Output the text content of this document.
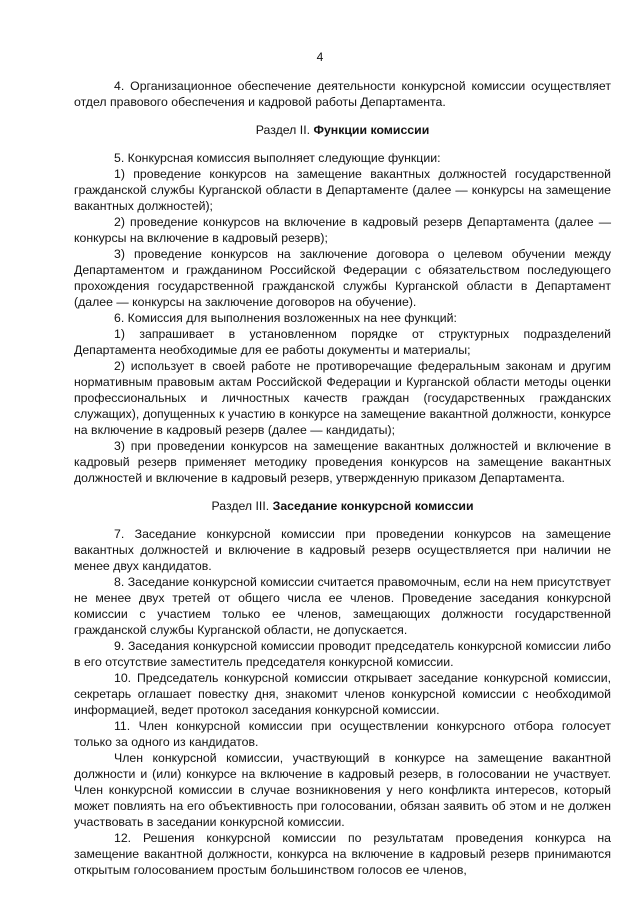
4

4. Организационное обеспечение деятельности конкурсной комиссии осуществляет отдел правового обеспечения и кадровой работы Департамента.

Раздел II. Функции комиссии

5. Конкурсная комиссия выполняет следующие функции:

1) проведение конкурсов на замещение вакантных должностей государственной гражданской службы Курганской области в Департаменте (далее — конкурсы на замещение вакантных должностей);

2) проведение конкурсов на включение в кадровый резерв Департамента (далее — конкурсы на включение в кадровый резерв);

3) проведение конкурсов на заключение договора о целевом обучении между Департаментом и гражданином Российской Федерации с обязательством последующего прохождения государственной гражданской службы Курганской области в Департамент (далее — конкурсы на заключение договоров на обучение).

6. Комиссия для выполнения возложенных на нее функций:

1) запрашивает в установленном порядке от структурных подразделений Департамента необходимые для ее работы документы и материалы;

2) использует в своей работе не противоречащие федеральным законам и другим нормативным правовым актам Российской Федерации и Курганской области методы оценки профессиональных и личностных качеств граждан (государственных гражданских служащих), допущенных к участию в конкурсе на замещение вакантной должности, конкурсе на включение в кадровый резерв (далее — кандидаты);

3) при проведении конкурсов на замещение вакантных должностей и включение в кадровый резерв применяет методику проведения конкурсов на замещение вакантных должностей и включение в кадровый резерв, утвержденную приказом Департамента.

Раздел III. Заседание конкурсной комиссии

7. Заседание конкурсной комиссии при проведении конкурсов на замещение вакантных должностей и включение в кадровый резерв осуществляется при наличии не менее двух кандидатов.

8. Заседание конкурсной комиссии считается правомочным, если на нем присутствует не менее двух третей от общего числа ее членов. Проведение заседания конкурсной комиссии с участием только ее членов, замещающих должности государственной гражданской службы Курганской области, не допускается.

9. Заседания конкурсной комиссии проводит председатель конкурсной комиссии либо в его отсутствие заместитель председателя конкурсной комиссии.

10. Председатель конкурсной комиссии открывает заседание конкурсной комиссии, секретарь оглашает повестку дня, знакомит членов конкурсной комиссии с необходимой информацией, ведет протокол заседания конкурсной комиссии.

11. Член конкурсной комиссии при осуществлении конкурсного отбора голосует только за одного из кандидатов.

Член конкурсной комиссии, участвующий в конкурсе на замещение вакантной должности и (или) конкурсе на включение в кадровый резерв, в голосовании не участвует. Член конкурсной комиссии в случае возникновения у него конфликта интересов, который может повлиять на его объективность при голосовании, обязан заявить об этом и не должен участвовать в заседании конкурсной комиссии.

12. Решения конкурсной комиссии по результатам проведения конкурса на замещение вакантной должности, конкурса на включение в кадровый резерв принимаются открытым голосованием простым большинством голосов ее членов,
